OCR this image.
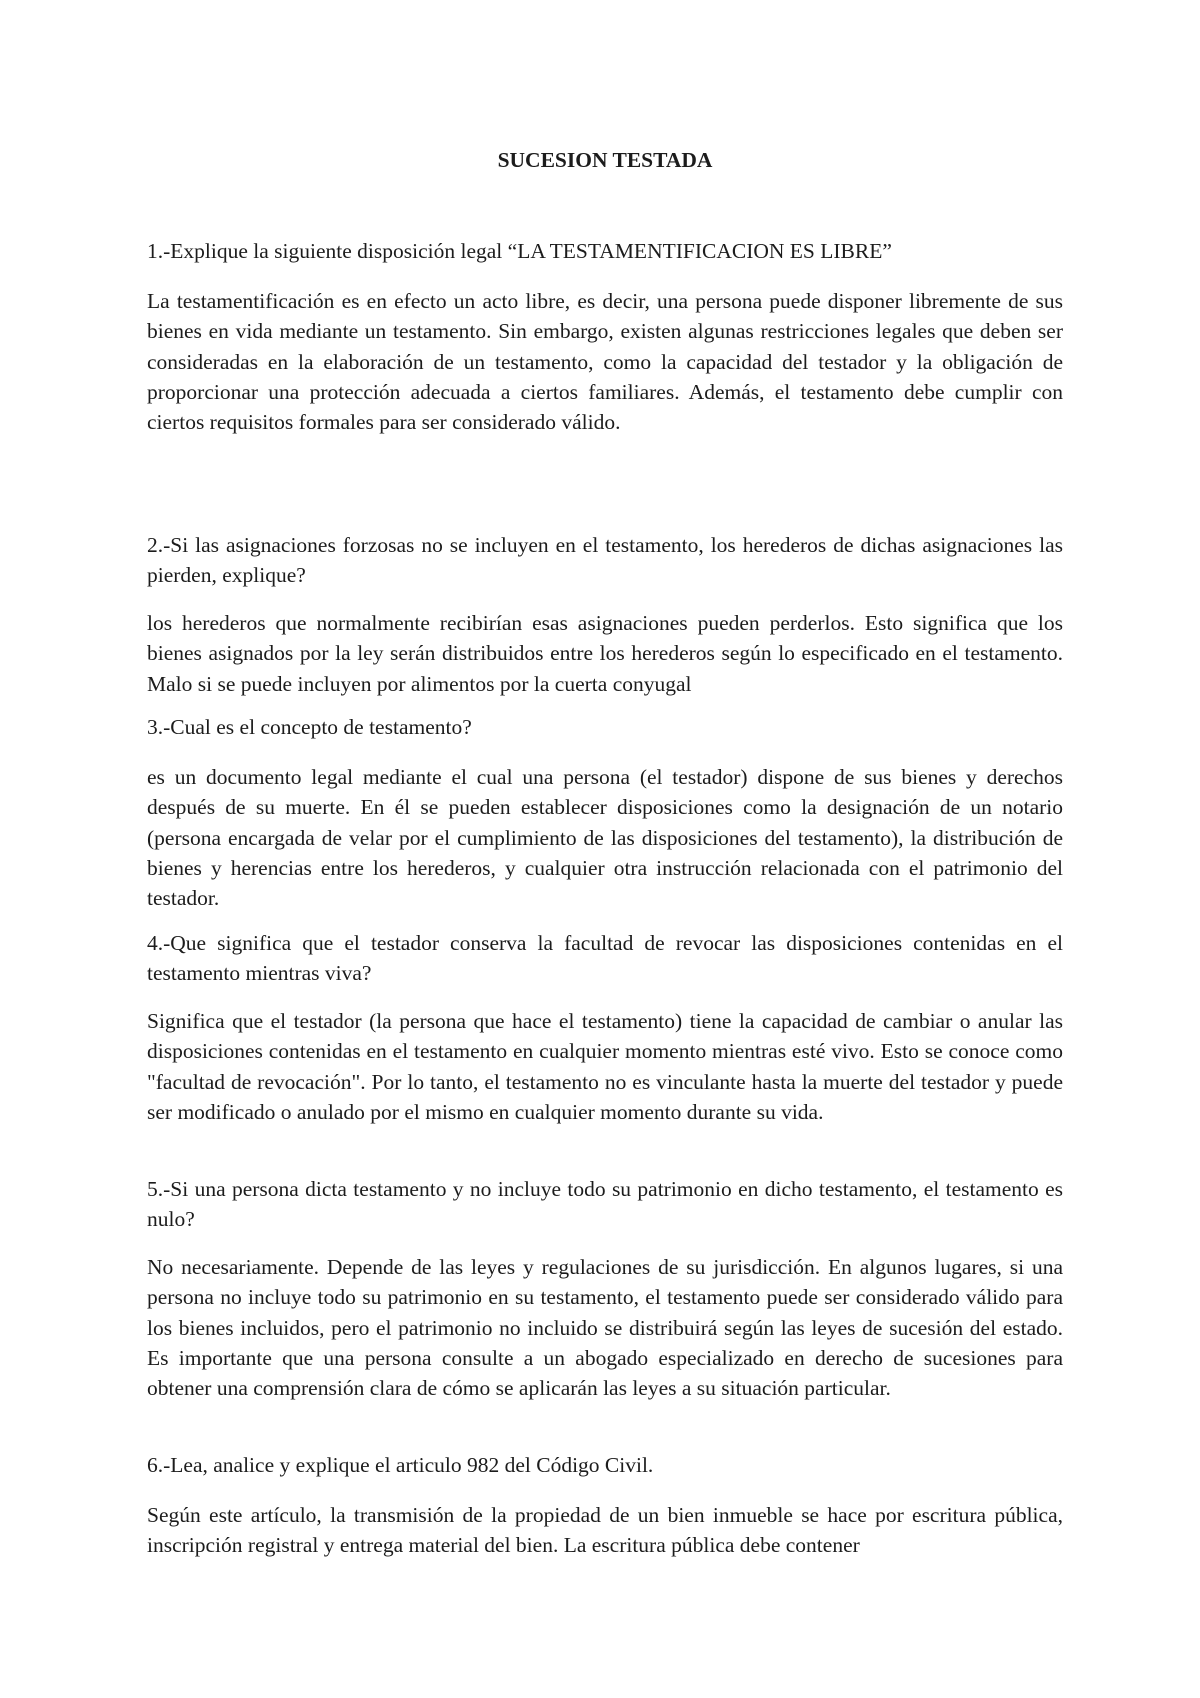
SUCESION TESTADA

1.-Explique la siguiente disposición legal “LA TESTAMENTIFICACION ES LIBRE”

La testamentificación es en efecto un acto libre, es decir, una persona puede disponer libremente de sus bienes en vida mediante un testamento. Sin embargo, existen algunas restricciones legales que deben ser consideradas en la elaboración de un testamento, como la capacidad del testador y la obligación de proporcionar una protección adecuada a ciertos familiares. Además, el testamento debe cumplir con ciertos requisitos formales para ser considerado válido.

2.-Si las asignaciones forzosas no se incluyen en el testamento, los herederos de dichas asignaciones las pierden, explique?

los herederos que normalmente recibirían esas asignaciones pueden perderlos. Esto significa que los bienes asignados por la ley serán distribuidos entre los herederos según lo especificado en el testamento. Malo si se puede incluyen por alimentos por la cuerta conyugal

3.-Cual es el concepto de testamento?

es un documento legal mediante el cual una persona (el testador) dispone de sus bienes y derechos después de su muerte. En él se pueden establecer disposiciones como la designación de un notario (persona encargada de velar por el cumplimiento de las disposiciones del testamento), la distribución de bienes y herencias entre los herederos, y cualquier otra instrucción relacionada con el patrimonio del testador.

4.-Que significa que el testador conserva la facultad de revocar las disposiciones contenidas en el testamento mientras viva?

Significa que el testador (la persona que hace el testamento) tiene la capacidad de cambiar o anular las disposiciones contenidas en el testamento en cualquier momento mientras esté vivo. Esto se conoce como "facultad de revocación". Por lo tanto, el testamento no es vinculante hasta la muerte del testador y puede ser modificado o anulado por el mismo en cualquier momento durante su vida.

5.-Si una persona dicta testamento y no incluye todo su patrimonio en dicho testamento, el testamento es nulo?

No necesariamente. Depende de las leyes y regulaciones de su jurisdicción. En algunos lugares, si una persona no incluye todo su patrimonio en su testamento, el testamento puede ser considerado válido para los bienes incluidos, pero el patrimonio no incluido se distribuirá según las leyes de sucesión del estado. Es importante que una persona consulte a un abogado especializado en derecho de sucesiones para obtener una comprensión clara de cómo se aplicarán las leyes a su situación particular.

6.-Lea, analice y explique el articulo 982 del Código Civil.

Según este artículo, la transmisión de la propiedad de un bien inmueble se hace por escritura pública, inscripción registral y entrega material del bien. La escritura pública debe contener
